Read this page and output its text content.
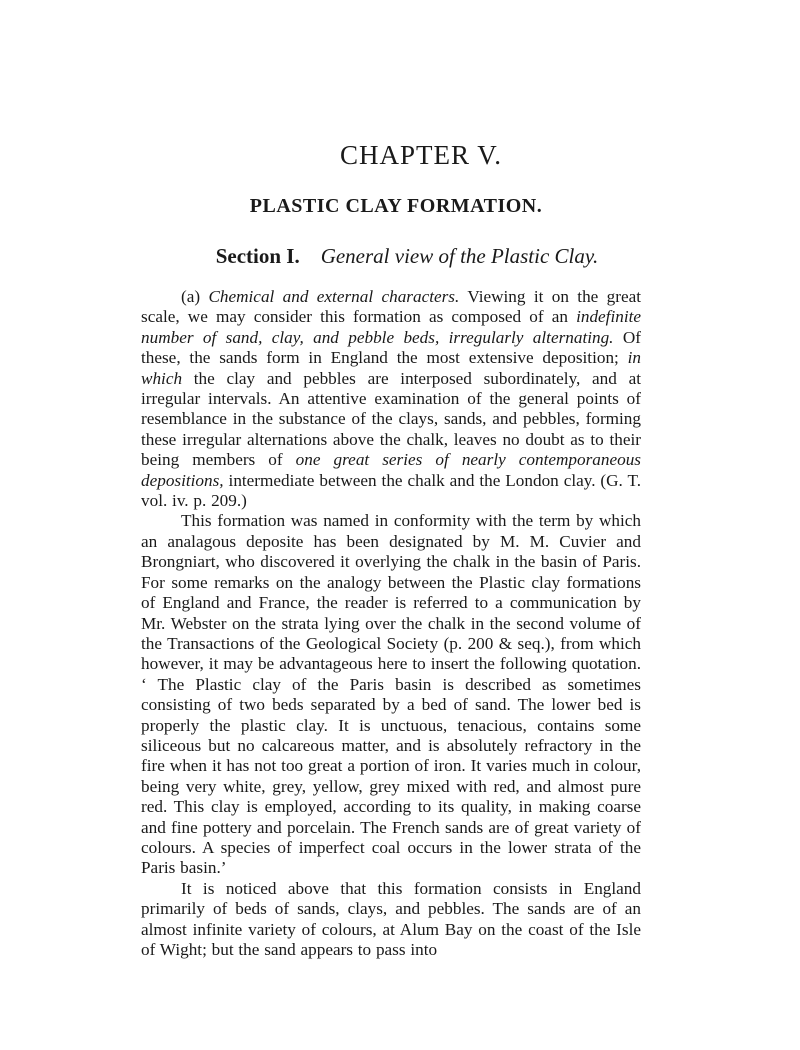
CHAPTER V.
PLASTIC CLAY FORMATION.
Section I. General view of the Plastic Clay.

(a) Chemical and external characters. Viewing it on the great scale, we may consider this formation as composed of an indefinite number of sand, clay, and pebble beds, irregularly alternating. Of these, the sands form in England the most extensive deposition; in which the clay and pebbles are interposed subordinately, and at irregular intervals. An attentive examination of the general points of resemblance in the substance of the clays, sands, and pebbles, forming these irregular alternations above the chalk, leaves no doubt as to their being members of one great series of nearly contemporaneous depositions, intermediate between the chalk and the London clay. (G. T. vol. iv. p. 209.)

This formation was named in conformity with the term by which an analagous deposite has been designated by M. M. Cuvier and Brongniart, who discovered it overlying the chalk in the basin of Paris. For some remarks on the analogy between the Plastic clay formations of England and France, the reader is referred to a communication by Mr. Webster on the strata lying over the chalk in the second volume of the Transactions of the Geological Society (p. 200 & seq.), from which however, it may be advantageous here to insert the following quotation. ‘ The Plastic clay of the Paris basin is described as sometimes consisting of two beds separated by a bed of sand. The lower bed is properly the plastic clay. It is unctuous, tenacious, contains some siliceous but no calcareous matter, and is absolutely refractory in the fire when it has not too great a portion of iron. It varies much in colour, being very white, grey, yellow, grey mixed with red, and almost pure red. This clay is employed, according to its quality, in making coarse and fine pottery and porcelain. The French sands are of great variety of colours. A species of imperfect coal occurs in the lower strata of the Paris basin.’

It is noticed above that this formation consists in England primarily of beds of sands, clays, and pebbles. The sands are of an almost infinite variety of colours, at Alum Bay on the coast of the Isle of Wight; but the sand appears to pass into
